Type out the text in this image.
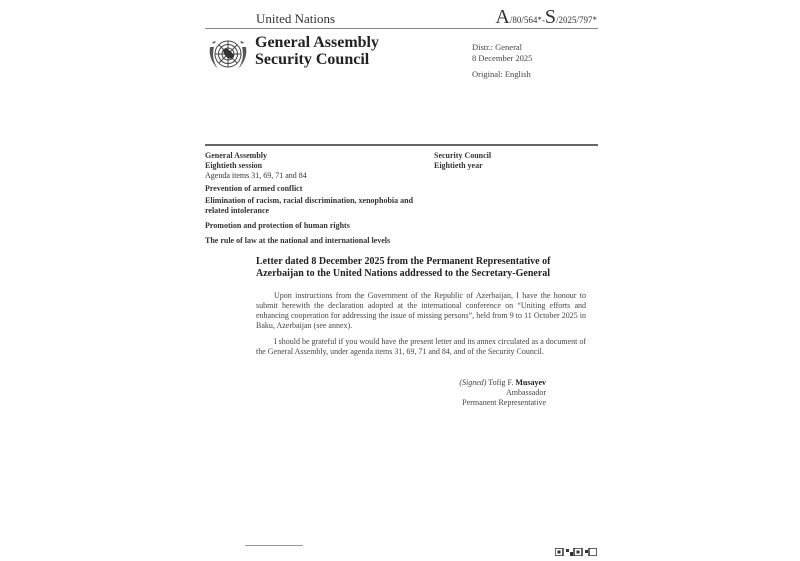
United Nations	A/80/564*-S/2025/797*
General Assembly
Security Council
Distr.: General
8 December 2025
Original: English
General Assembly
Eightieth session
Agenda items 31, 69, 71 and 84
Security Council
Eightieth year
Prevention of armed conflict
Elimination of racism, racial discrimination, xenophobia and related intolerance
Promotion and protection of human rights
The rule of law at the national and international levels
Letter dated 8 December 2025 from the Permanent Representative of Azerbaijan to the United Nations addressed to the Secretary-General
Upon instructions from the Government of the Republic of Azerbaijan, I have the honour to submit herewith the declaration adopted at the international conference on “Uniting efforts and enhancing cooperation for addressing the issue of missing persons”, held from 9 to 11 October 2025 in Baku, Azerbaijan (see annex).
I should be grateful if you would have the present letter and its annex circulated as a document of the General Assembly, under agenda items 31, 69, 71 and 84, and of the Security Council.
(Signed) Tofig F. Musayev
Ambassador
Permanent Representative
